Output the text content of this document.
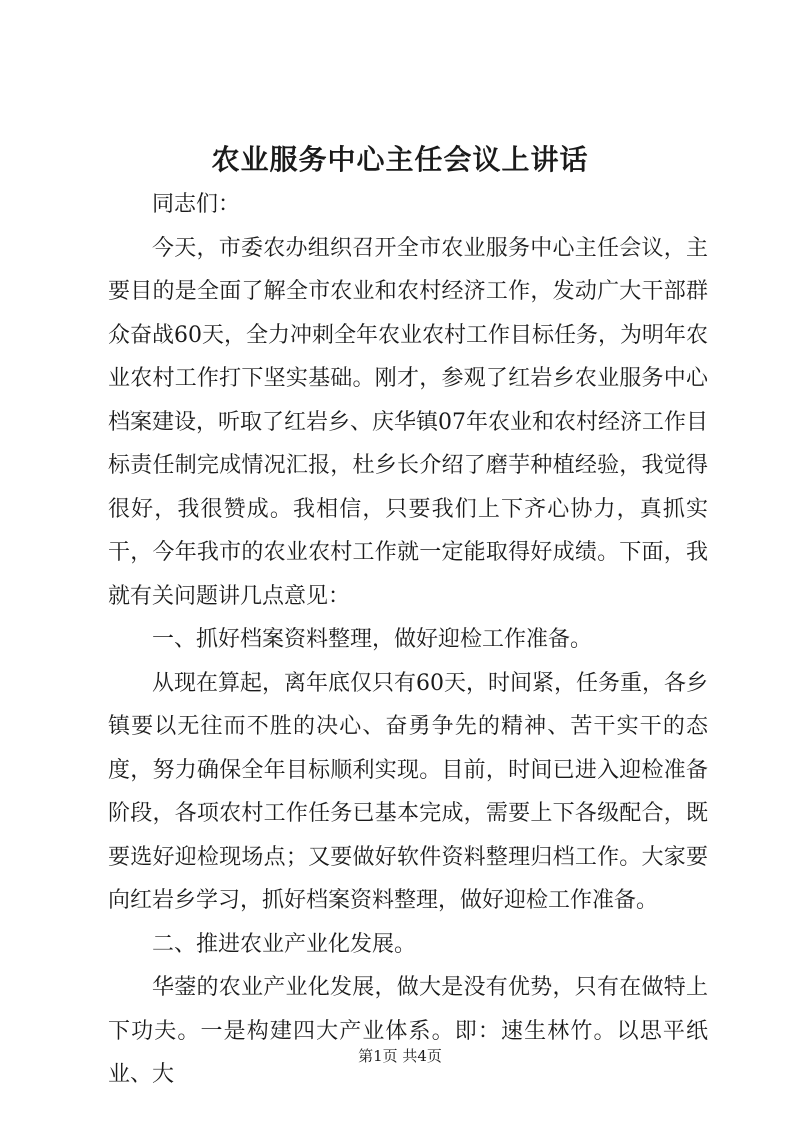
农业服务中心主任会议上讲话

同志们：

今天，市委农办组织召开全市农业服务中心主任会议，主要目的是全面了解全市农业和农村经济工作，发动广大干部群众奋战60天，全力冲刺全年农业农村工作目标任务，为明年农业农村工作打下坚实基础。刚才，参观了红岩乡农业服务中心档案建设，听取了红岩乡、庆华镇07年农业和农村经济工作目标责任制完成情况汇报，杜乡长介绍了磨芋种植经验，我觉得很好，我很赞成。我相信，只要我们上下齐心协力，真抓实干，今年我市的农业农村工作就一定能取得好成绩。下面，我就有关问题讲几点意见：

一、抓好档案资料整理，做好迎检工作准备。

从现在算起，离年底仅只有60天，时间紧，任务重，各乡镇要以无往而不胜的决心、奋勇争先的精神、苦干实干的态度，努力确保全年目标顺利实现。目前，时间已进入迎检准备阶段，各项农村工作任务已基本完成，需要上下各级配合，既要选好迎检现场点；又要做好软件资料整理归档工作。大家要向红岩乡学习，抓好档案资料整理，做好迎检工作准备。

二、推进农业产业化发展。

华蓥的农业产业化发展，做大是没有优势，只有在做特上下功夫。一是构建四大产业体系。即：速生林竹。以思平纸业、大

第1页 共4页
